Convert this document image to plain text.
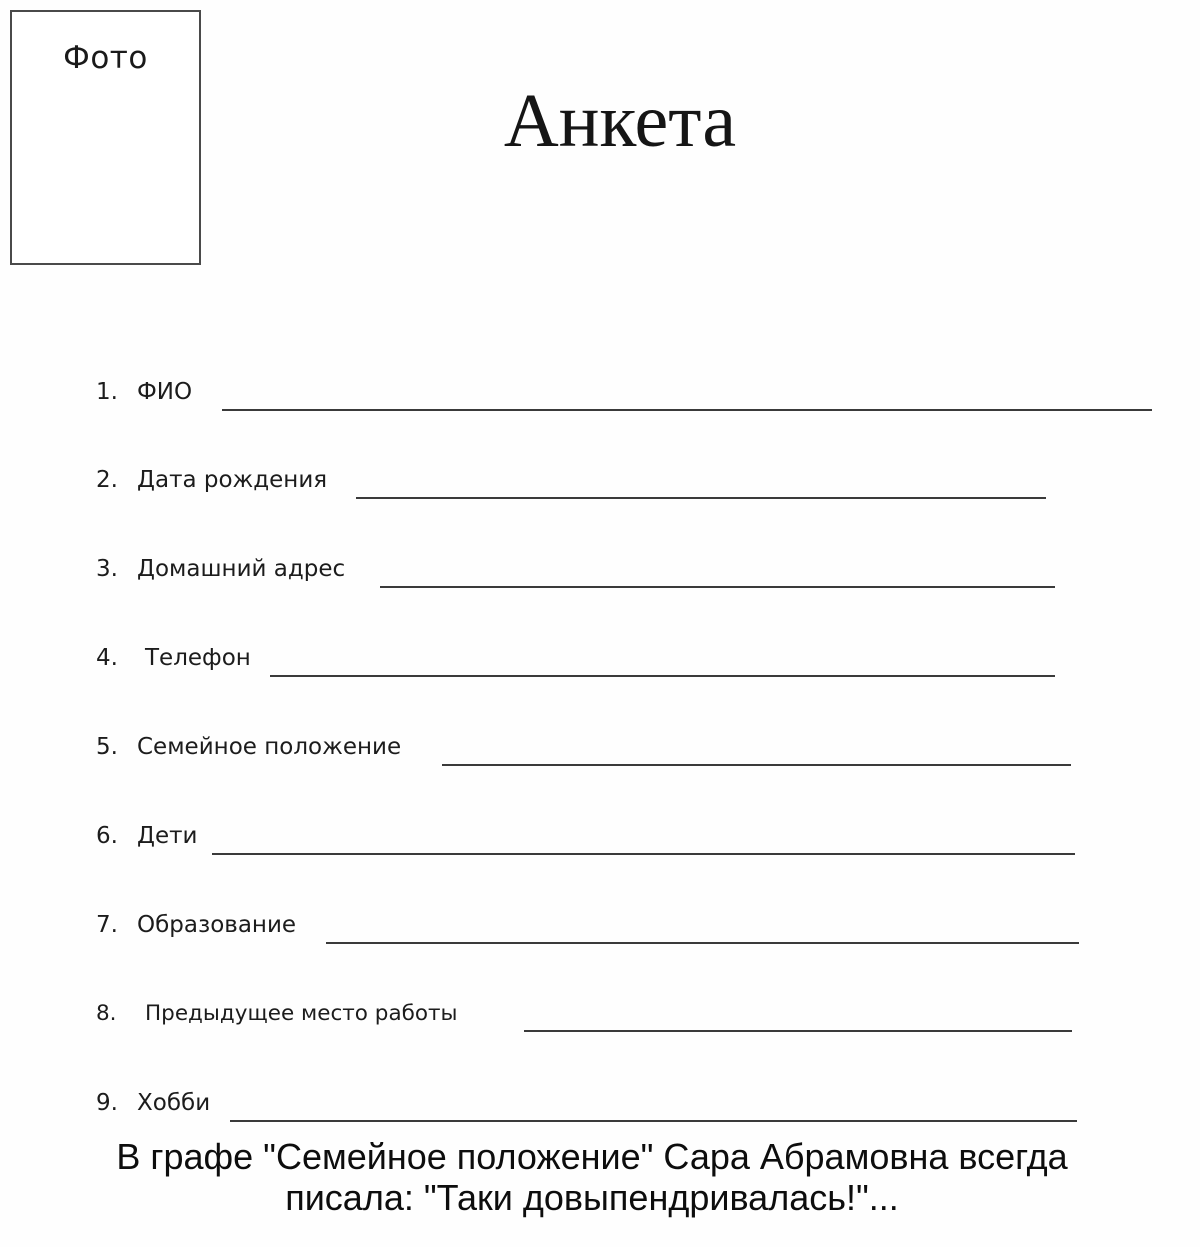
Фото
Анкета
1. ФИО
2. Дата рождения
3. Домашний адрес
4. Телефон
5. Семейное положение
6. Дети
7. Образование
8. Предыдущее место работы
9. Хобби
В графе "Семейное положение" Сара Абрамовна всегда
писала: "Таки довыпендривалась!"...
